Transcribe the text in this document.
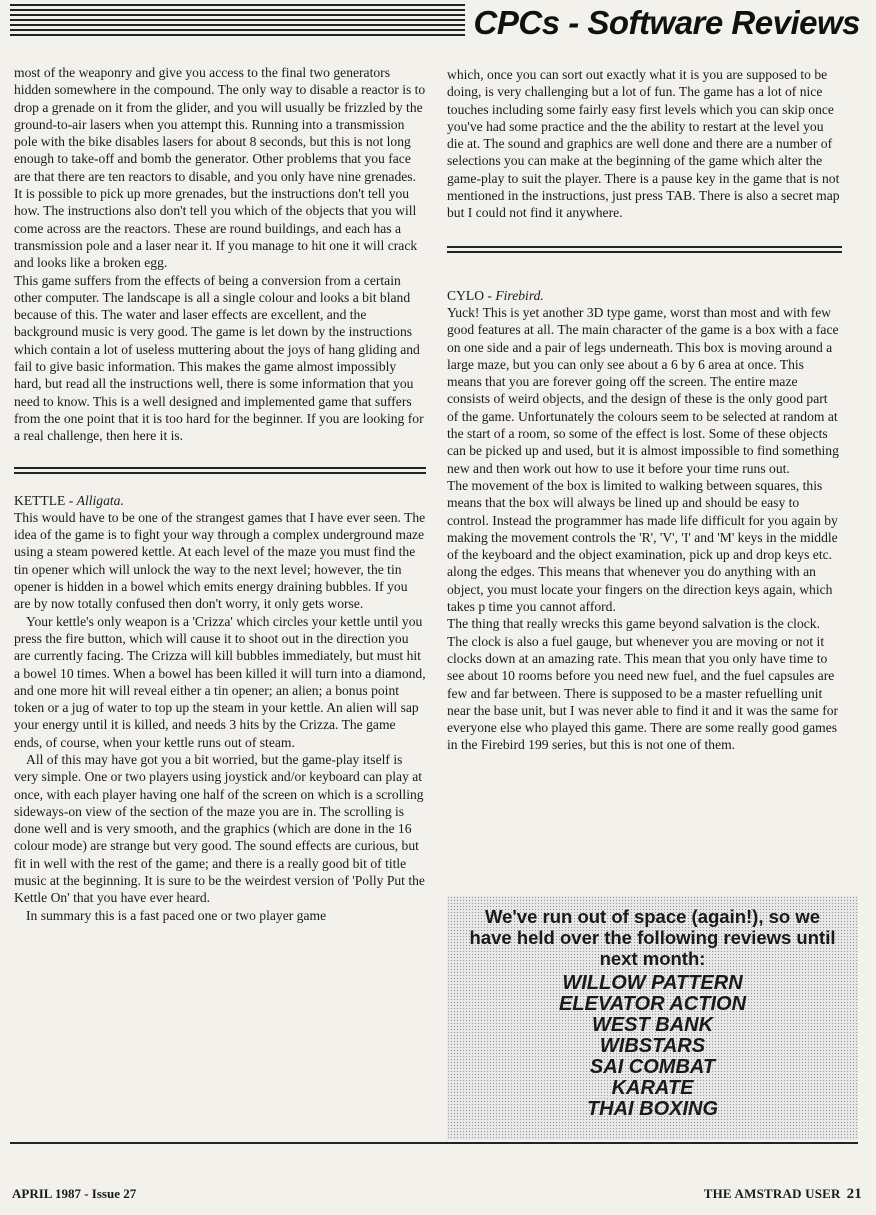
CPCs - Software Reviews

most of the weaponry and give you access to the final two generators hidden somewhere in the compound. The only way to disable a reactor is to drop a grenade on it from the glider, and you will usually be frizzled by the ground-to-air lasers when you attempt this. Running into a transmission pole with the bike disables lasers for about 8 seconds, but this is not long enough to take-off and bomb the generator. Other problems that you face are that there are ten reactors to disable, and you only have nine grenades. It is possible to pick up more grenades, but the instructions don't tell you how. The instructions also don't tell you which of the objects that you will come across are the reactors. These are round buildings, and each has a transmission pole and a laser near it. If you manage to hit one it will crack and looks like a broken egg.

This game suffers from the effects of being a conversion from a certain other computer. The landscape is all a single colour and looks a bit bland because of this. The water and laser effects are excellent, and the background music is very good. The game is let down by the instructions which contain a lot of useless muttering about the joys of hang gliding and fail to give basic information. This makes the game almost impossibly hard, but read all the instructions well, there is some information that you need to know. This is a well designed and implemented game that suffers from the one point that it is too hard for the beginner. If you are looking for a real challenge, then here it is.

KETTLE - Alligata.

This would have to be one of the strangest games that I have ever seen. The idea of the game is to fight your way through a complex underground maze using a steam powered kettle. At each level of the maze you must find the tin opener which will unlock the way to the next level; however, the tin opener is hidden in a bowel which emits energy draining bubbles. If you are by now totally confused then don't worry, it only gets worse.

Your kettle's only weapon is a 'Crizza' which circles your kettle until you press the fire button, which will cause it to shoot out in the direction you are currently facing. The Crizza will kill bubbles immediately, but must hit a bowel 10 times. When a bowel has been killed it will turn into a diamond, and one more hit will reveal either a tin opener; an alien; a bonus point token or a jug of water to top up the steam in your kettle. An alien will sap your energy until it is killed, and needs 3 hits by the Crizza. The game ends, of course, when your kettle runs out of steam.

All of this may have got you a bit worried, but the game-play itself is very simple. One or two players using joystick and/or keyboard can play at once, with each player having one half of the screen on which is a scrolling sideways-on view of the section of the maze you are in. The scrolling is done well and is very smooth, and the graphics (which are done in the 16 colour mode) are strange but very good. The sound effects are curious, but fit in well with the rest of the game; and there is a really good bit of title music at the beginning. It is sure to be the weirdest version of 'Polly Put the Kettle On' that you have ever heard.

In summary this is a fast paced one or two player game

which, once you can sort out exactly what it is you are supposed to be doing, is very challenging but a lot of fun. The game has a lot of nice touches including some fairly easy first levels which you can skip once you've had some practice and the the ability to restart at the level you die at. The sound and graphics are well done and there are a number of selections you can make at the beginning of the game which alter the game-play to suit the player. There is a pause key in the game that is not mentioned in the instructions, just press TAB. There is also a secret map but I could not find it anywhere.

CYLO - Firebird.

Yuck! This is yet another 3D type game, worst than most and with few good features at all. The main character of the game is a box with a face on one side and a pair of legs underneath. This box is moving around a large maze, but you can only see about a 6 by 6 area at once. This means that you are forever going off the screen. The entire maze consists of weird objects, and the design of these is the only good part of the game. Unfortunately the colours seem to be selected at random at the start of a room, so some of the effect is lost. Some of these objects can be picked up and used, but it is almost impossible to find something new and then work out how to use it before your time runs out.

The movement of the box is limited to walking between squares, this means that the box will always be lined up and should be easy to control. Instead the programmer has made life difficult for you again by making the movement controls the 'R', 'V', 'I' and 'M' keys in the middle of the keyboard and the object examination, pick up and drop keys etc. along the edges. This means that whenever you do anything with an object, you must locate your fingers on the direction keys again, which takes p time you cannot afford.

The thing that really wrecks this game beyond salvation is the clock. The clock is also a fuel gauge, but whenever you are moving or not it clocks down at an amazing rate. This mean that you only have time to see about 10 rooms before you need new fuel, and the fuel capsules are few and far between. There is supposed to be a master refuelling unit near the base unit, but I was never able to find it and it was the same for everyone else who played this game. There are some really good games in the Firebird 199 series, but this is not one of them.

We've run out of space (again!), so we have held over the following reviews until next month:
WILLOW PATTERN
ELEVATOR ACTION
WEST BANK
WIBSTARS
SAI COMBAT
KARATE
THAI BOXING
APRIL 1987 - Issue 27	THE AMSTRAD USER 21
